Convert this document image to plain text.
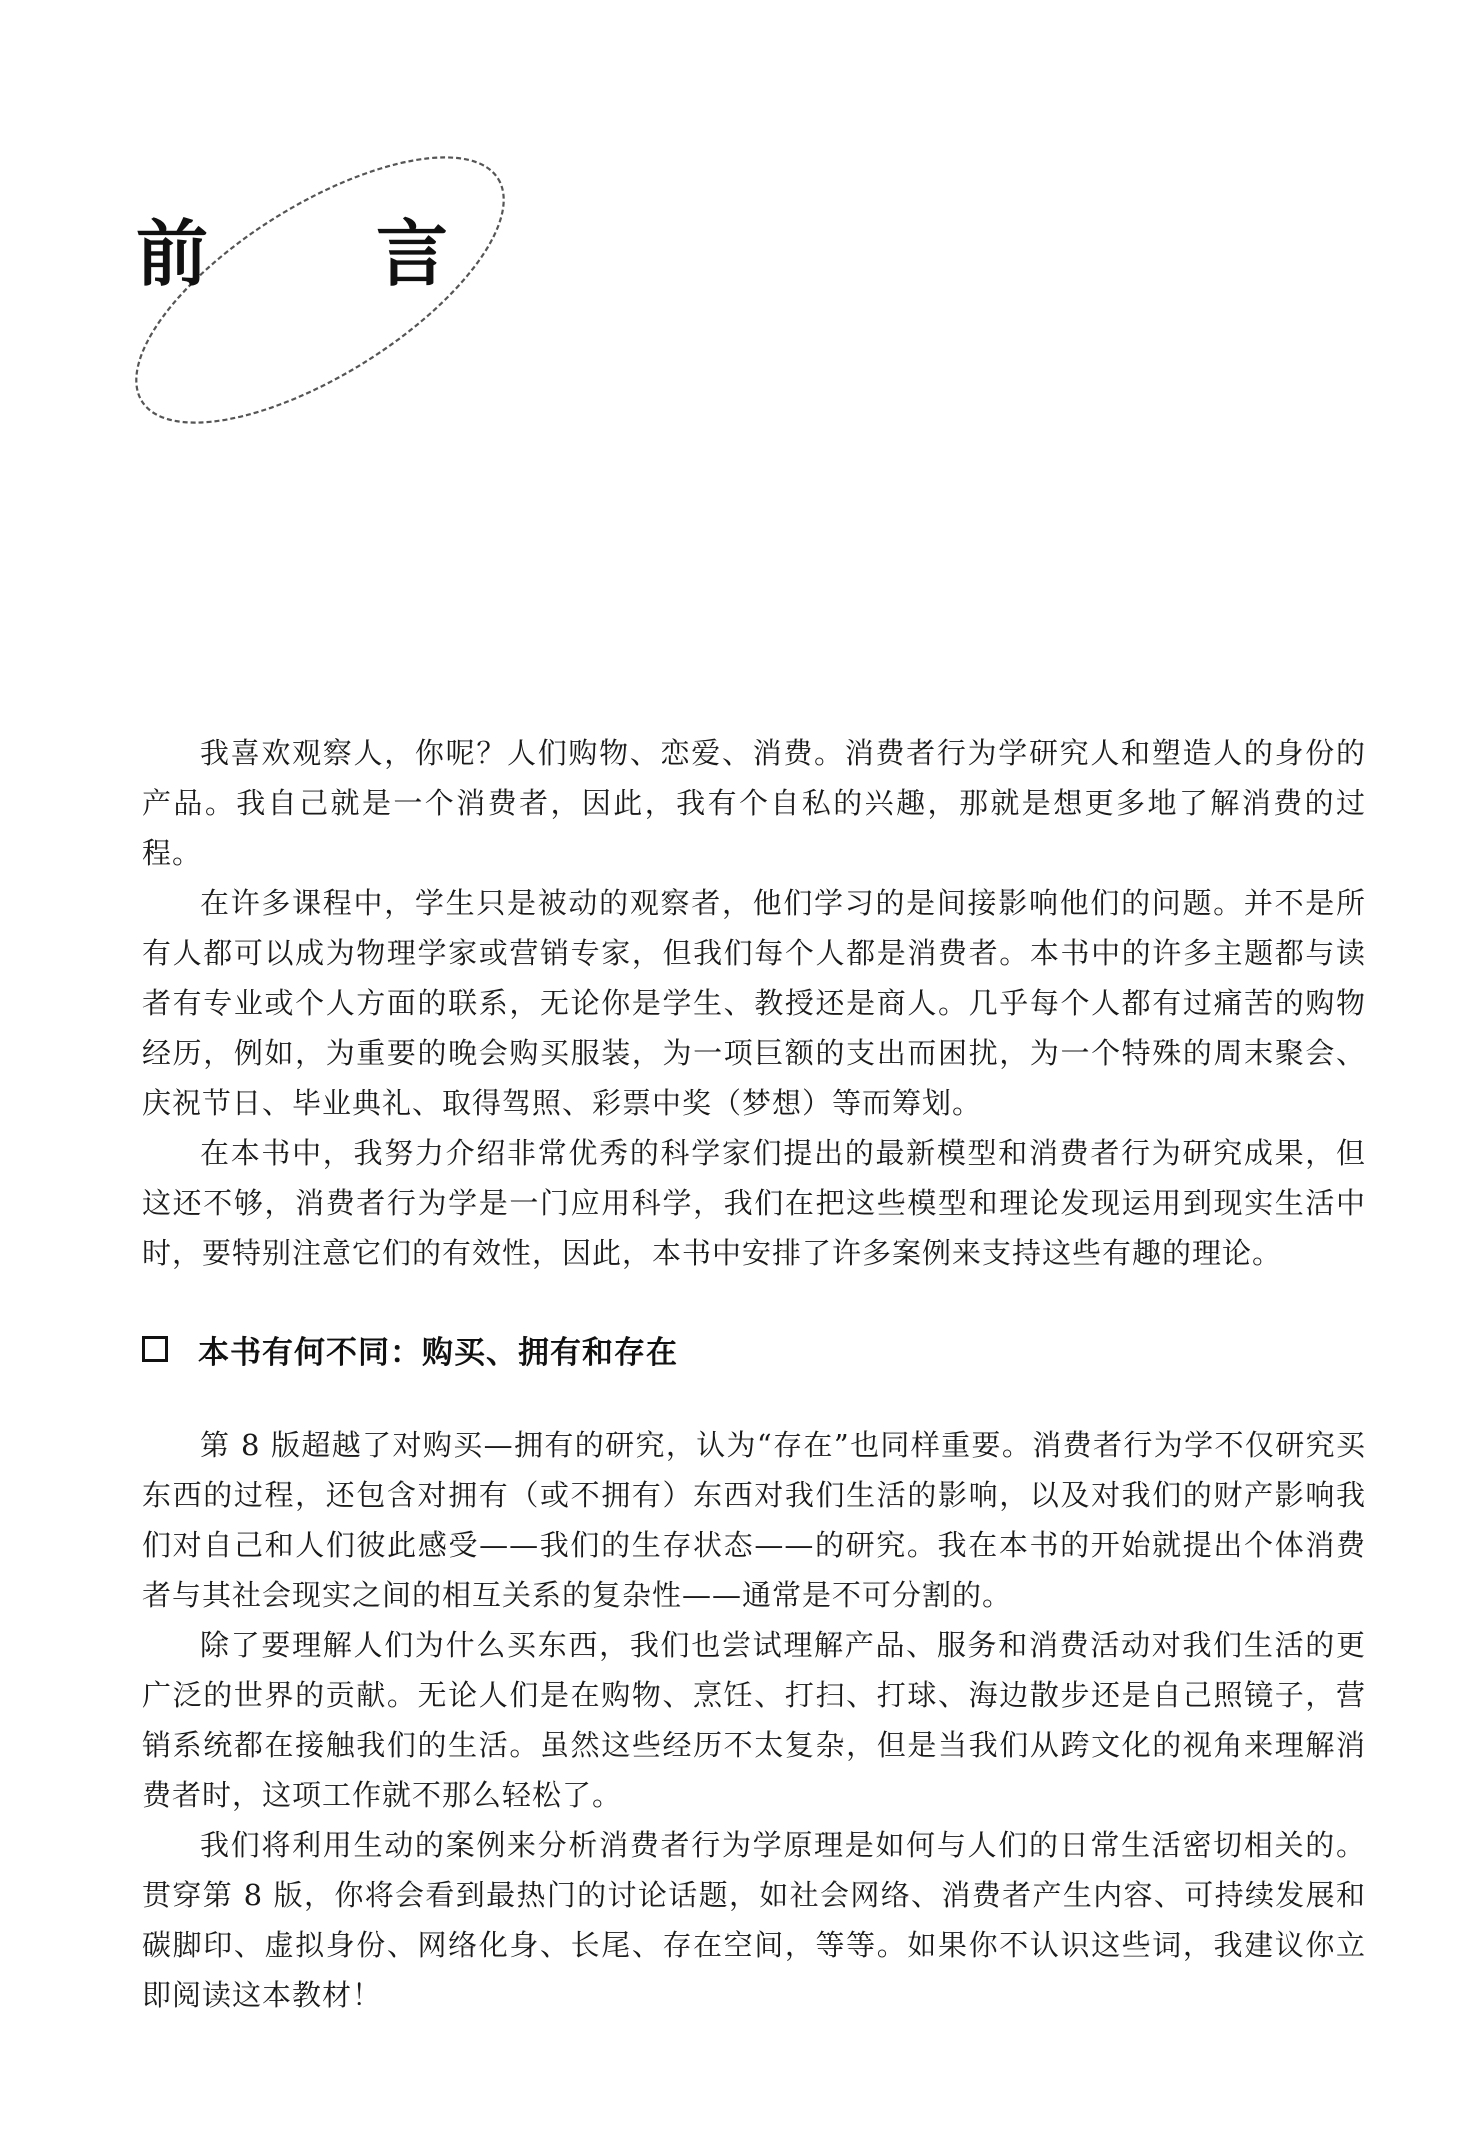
前　言

我喜欢观察人，你呢？人们购物、恋爱、消费。消费者行为学研究人和塑造人的身份的产品。我自己就是一个消费者，因此，我有个自私的兴趣，那就是想更多地了解消费的过程。

在许多课程中，学生只是被动的观察者，他们学习的是间接影响他们的问题。并不是所有人都可以成为物理学家或营销专家，但我们每个人都是消费者。本书中的许多主题都与读者有专业或个人方面的联系，无论你是学生、教授还是商人。几乎每个人都有过痛苦的购物经历，例如，为重要的晚会购买服装，为一项巨额的支出而困扰，为一个特殊的周末聚会、庆祝节日、毕业典礼、取得驾照、彩票中奖（梦想）等而筹划。

在本书中，我努力介绍非常优秀的科学家们提出的最新模型和消费者行为研究成果，但这还不够，消费者行为学是一门应用科学，我们在把这些模型和理论发现运用到现实生活中时，要特别注意它们的有效性，因此，本书中安排了许多案例来支持这些有趣的理论。

本书有何不同：购买、拥有和存在

第 8 版超越了对购买—拥有的研究，认为“存在”也同样重要。消费者行为学不仅研究买东西的过程，还包含对拥有（或不拥有）东西对我们生活的影响，以及对我们的财产影响我们对自己和人们彼此感受——我们的生存状态——的研究。我在本书的开始就提出个体消费者与其社会现实之间的相互关系的复杂性——通常是不可分割的。

除了要理解人们为什么买东西，我们也尝试理解产品、服务和消费活动对我们生活的更广泛的世界的贡献。无论人们是在购物、烹饪、打扫、打球、海边散步还是自己照镜子，营销系统都在接触我们的生活。虽然这些经历不太复杂，但是当我们从跨文化的视角来理解消费者时，这项工作就不那么轻松了。

我们将利用生动的案例来分析消费者行为学原理是如何与人们的日常生活密切相关的。贯穿第 8 版，你将会看到最热门的讨论话题，如社会网络、消费者产生内容、可持续发展和碳脚印、虚拟身份、网络化身、长尾、存在空间，等等。如果你不认识这些词，我建议你立即阅读这本教材！
